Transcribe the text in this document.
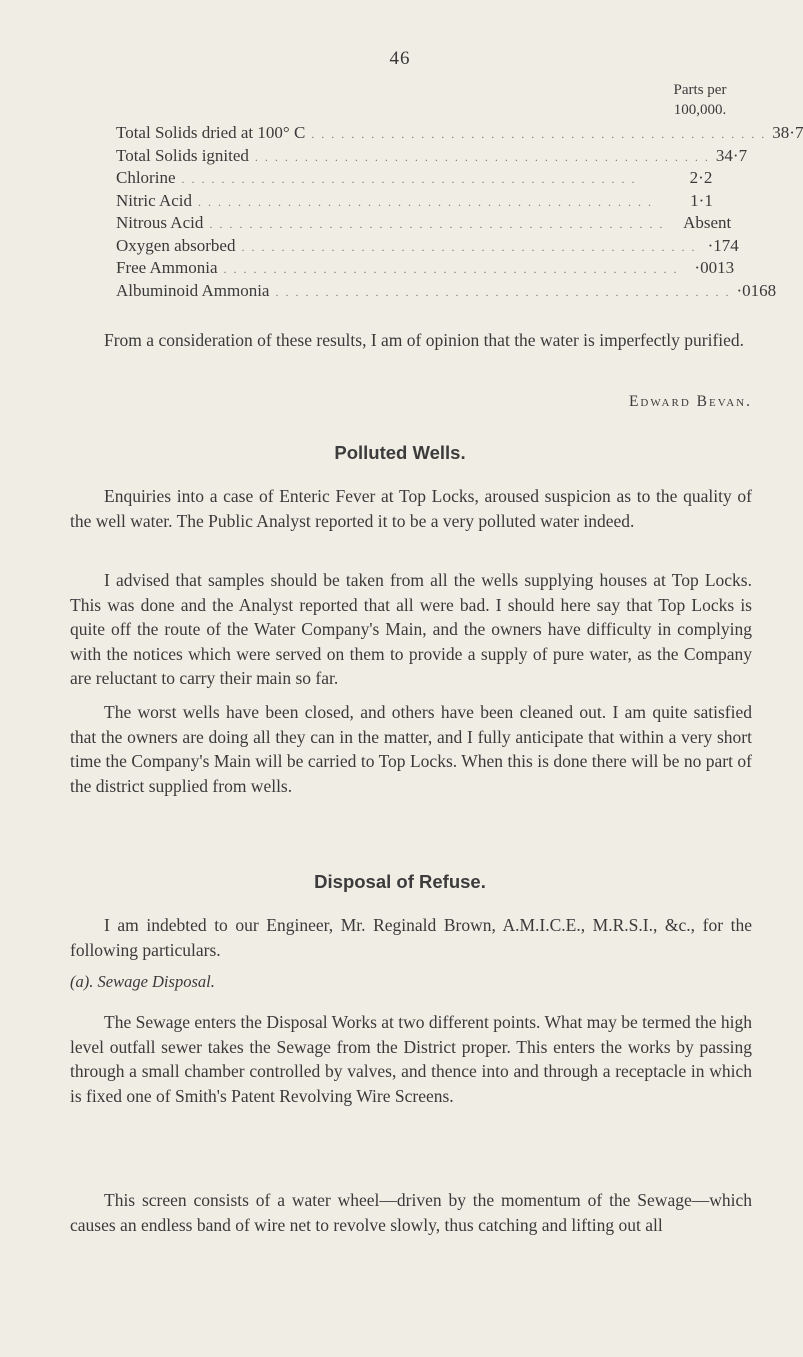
46
Parts per
100,000.
Total Solids dried at 100° C . . . . . . . . . . . . . . . . . . . . . . . . . . . . . . . . . . . . . . . . . . . . . . 38·7
Total Solids ignited . . . . . . . . . . . . . . . . . . . . . . . . . . . . . . . . . . . . . . . . . . . . . . 34·7
Chlorine . . . . . . . . . . . . . . . . . . . . . . . . . . . . . . . . . . . . . . . . . . . . . .	2·2
Nitric Acid . . . . . . . . . . . . . . . . . . . . . . . . . . . . . . . . . . . . . . . . . . . . . .	1·1
Nitrous Acid . . . . . . . . . . . . . . . . . . . . . . . . . . . . . . . . . . . . . . . . . . . . . .	Absent
Oxygen absorbed . . . . . . . . . . . . . . . . . . . . . . . . . . . . . . . . . . . . . . . . . . . . . . ·174
Free Ammonia . . . . . . . . . . . . . . . . . . . . . . . . . . . . . . . . . . . . . . . . . . . . . . ·0013
Albuminoid Ammonia . . . . . . . . . . . . . . . . . . . . . . . . . . . . . . . . . . . . . . . . . . . . . . ·0168

From a consideration of these results, I am of opinion that the water is imperfectly purified.

Edward Bevan.
Polluted Wells.

Enquiries into a case of Enteric Fever at Top Locks, aroused suspicion as to the quality of the well water. The Public Analyst reported it to be a very polluted water indeed.

I advised that samples should be taken from all the wells supplying houses at Top Locks. This was done and the Analyst reported that all were bad. I should here say that Top Locks is quite off the route of the Water Company's Main, and the owners have difficulty in complying with the notices which were served on them to provide a supply of pure water, as the Company are reluctant to carry their main so far.

The worst wells have been closed, and others have been cleaned out. I am quite satisfied that the owners are doing all they can in the matter, and I fully anticipate that within a very short time the Company's Main will be carried to Top Locks. When this is done there will be no part of the district supplied from wells.

Disposal of Refuse.

I am indebted to our Engineer, Mr. Reginald Brown, A.M.I.C.E., M.R.S.I., &c., for the following particulars.

(a). Sewage Disposal.

The Sewage enters the Disposal Works at two different points. What may be termed the high level outfall sewer takes the Sewage from the District proper. This enters the works by passing through a small chamber controlled by valves, and thence into and through a receptacle in which is fixed one of Smith's Patent Revolving Wire Screens.

This screen consists of a water wheel—driven by the momentum of the Sewage—which causes an endless band of wire net to revolve slowly, thus catching and lifting out all
